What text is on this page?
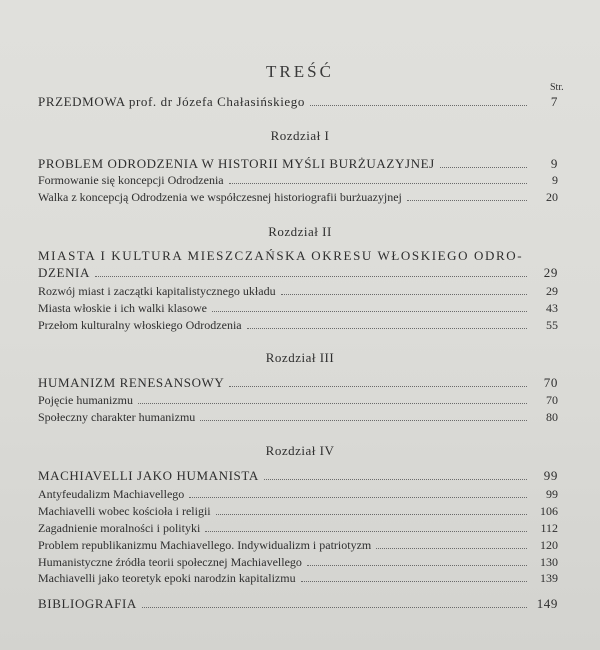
TREŚĆ
Str.
PRZEDMOWA prof. dr Józefa Chałasińskiego	7
Rozdział I
PROBLEM ODRODZENIA W HISTORII MYŚLI BURŻUAZYJNEJ	9
Formowanie się koncepcji Odrodzenia	9
Walka z koncepcją Odrodzenia we współczesnej historiografii burżuazyjnej	20
Rozdział II
MIASTA I KULTURA MIESZCZAŃSKA OKRESU WŁOSKIEGO ODRO-
DZENIA	29
Rozwój miast i zaczątki kapitalistycznego układu	29
Miasta włoskie i ich walki klasowe	43
Przełom kulturalny włoskiego Odrodzenia	55
Rozdział III
HUMANIZM RENESANSOWY	70
Pojęcie humanizmu	70
Społeczny charakter humanizmu	80
Rozdział IV
MACHIAVELLI JAKO HUMANISTA	99
Antyfeudalizm Machiavellego	99
Machiavelli wobec kościoła i religii	106
Zagadnienie moralności i polityki	112
Problem republikanizmu Machiavellego. Indywidualizm i patriotyzm	120
Humanistyczne źródła teorii społecznej Machiavellego	130
Machiavelli jako teoretyk epoki narodzin kapitalizmu	139
BIBLIOGRAFIA	149
